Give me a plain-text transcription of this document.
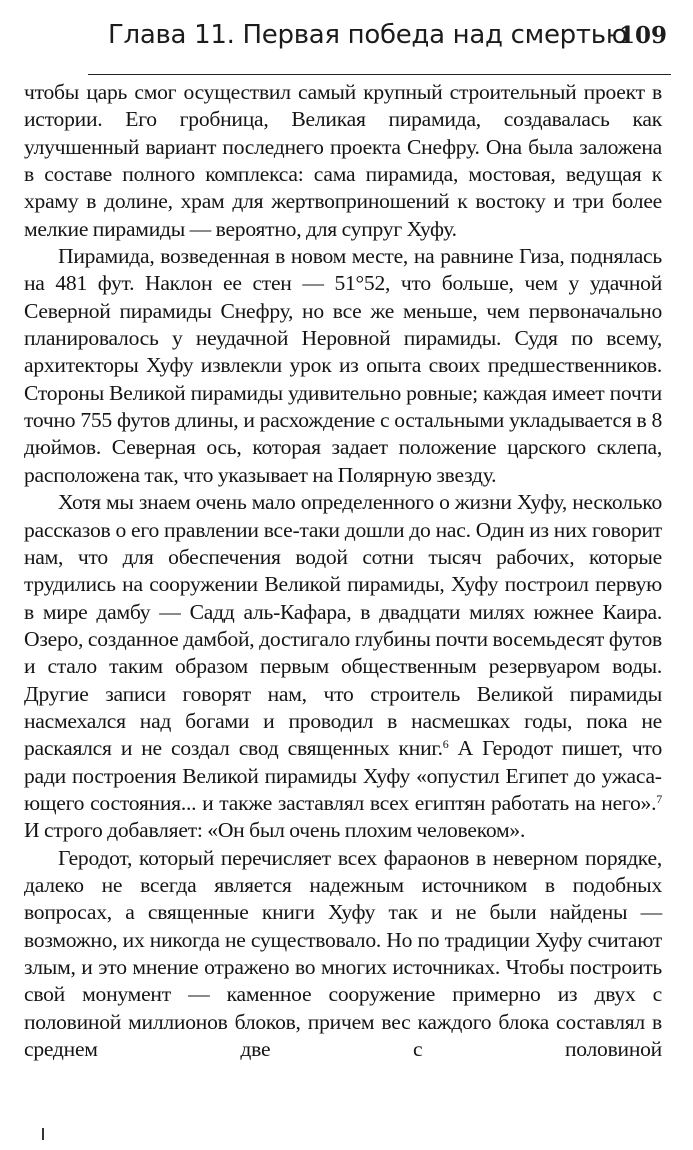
Глава 11. Первая победа над смертью
109

чтобы царь смог осуществил самый крупный строительный проект в истории. Его гробница, Великая пирамида, создавалась как улучшенный вариант последнего проекта Снефру. Она была заложена в составе полного комплекса: сама пирамида, мостовая, ведущая к храму в долине, храм для жертвоприношений к востоку и три более мелкие пирамиды — вероятно, для супруг Хуфу.

Пирамида, возведенная в новом месте, на равнине Гиза, поднялась на 481 фут. Наклон ее стен — 51°52, что больше, чем у удачной Северной пирамиды Снефру, но все же меньше, чем первоначально планировалось у неудачной Неровной пирамиды. Судя по всему, архитекторы Хуфу извлекли урок из опыта своих предшественников. Стороны Великой пирамиды удивительно ровные; каждая имеет почти точно 755 футов длины, и расхождение с остальными укладывается в 8 дюймов. Северная ось, которая задает положение царского склепа, расположена так, что указывает на Полярную звезду.

Хотя мы знаем очень мало определенного о жизни Хуфу, несколько рассказов о его правлении все-таки дошли до нас. Один из них говорит нам, что для обеспечения водой сотни тысяч рабочих, которые трудились на сооружении Великой пирамиды, Хуфу построил первую в мире дамбу — Садд аль-Кафара, в двадцати милях южнее Каира. Озеро, созданное дамбой, достигало глубины почти восемьдесят футов и стало таким образом первым общественным резервуаром воды. Другие записи говорят нам, что строитель Великой пирамиды насмехался над богами и проводил в насмешках годы, пока не раскаялся и не создал свод священных книг.$^6$ А Геродот пишет, что ради построения Великой пирамиды Хуфу «опустил Египет до ужасающего состояния... и также заставлял всех египтян работать на него».$^7$ И строго добавляет: «Он был очень плохим человеком».

Геродот, который перечисляет всех фараонов в неверном порядке, далеко не всегда является надежным источником в подобных вопросах, а священные книги Хуфу так и не были найдены — возможно, их никогда не существовало. Но по традиции Хуфу считают злым, и это мнение отражено во многих источниках. Чтобы построить свой монумент — каменное сооружение примерно из двух с половиной миллионов блоков, причем вес каждого блока составлял в среднем две с половиной
